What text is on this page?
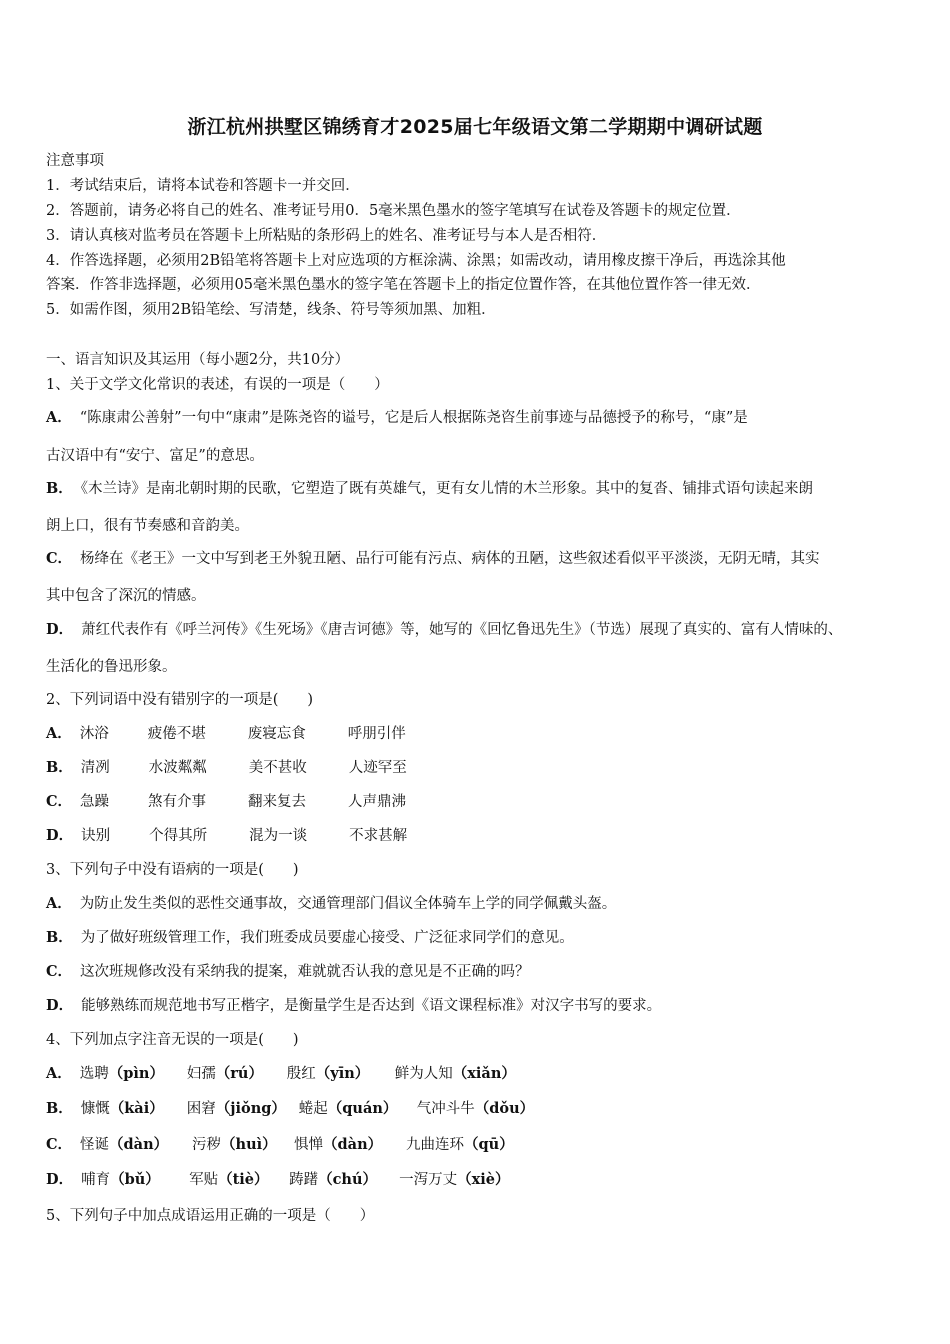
浙江杭州拱墅区锦绣育才2025届七年级语文第二学期期中调研试题
注意事项
1．考试结束后，请将本试卷和答题卡一并交回．
2．答题前，请务必将自己的姓名、准考证号用0．5毫米黑色墨水的签字笔填写在试卷及答题卡的规定位置．
3．请认真核对监考员在答题卡上所粘贴的条形码上的姓名、准考证号与本人是否相符．
4．作答选择题，必须用2B铅笔将答题卡上对应选项的方框涂满、涂黑；如需改动，请用橡皮擦干净后，再选涂其他
答案．作答非选择题，必须用05毫米黑色墨水的签字笔在答题卡上的指定位置作答，在其他位置作答一律无效．
5．如需作图，须用2B铅笔绘、写清楚，线条、符号等须加黑、加粗．
一、语言知识及其运用（每小题2分，共10分）
1、关于文学文化常识的表述，有误的一项是（　　）
A． “陈康肃公善射”一句中“康肃”是陈尧咨的谥号，它是后人根据陈尧咨生前事迹与品德授予的称号，“康”是
古汉语中有“安宁、富足”的意思。
B． 《木兰诗》是南北朝时期的民歌，它塑造了既有英雄气，更有女儿情的木兰形象。其中的复沓、铺排式语句读起来朗
朗上口，很有节奏感和音韵美。
C． 杨绛在《老王》一文中写到老王外貌丑陋、品行可能有污点、病体的丑陋，这些叙述看似平平淡淡，无阴无晴，其实
其中包含了深沉的情感。
D． 萧红代表作有《呼兰河传》《生死场》《唐吉诃德》等，她写的《回忆鲁迅先生》（节选）展现了真实的、富有人情味的、
生活化的鲁迅形象。
2、下列词语中没有错别字的一项是(　　)
A． 沐浴	疲倦不堪	废寝忘食	呼朋引伴
B． 清冽	水波粼粼	美不甚收	人迹罕至
C． 急躁	煞有介事	翻来复去	人声鼎沸
D． 诀别	个得其所	混为一谈	不求甚解
3、下列句子中没有语病的一项是(　　)
A． 为防止发生类似的恶性交通事故，交通管理部门倡议全体骑车上学的同学佩戴头盔。
B． 为了做好班级管理工作，我们班委成员要虚心接受、广泛征求同学们的意见。
C． 这次班规修改没有采纳我的提案，难就就否认我的意见是不正确的吗？
D． 能够熟练而规范地书写正楷字，是衡量学生是否达到《语文课程标准》对汉字书写的要求。
4、下列加点字注音无误的一项是(　　)
A． 选聘（pìn） 妇孺（rú） 殷红（yīn） 鲜为人知（xiǎn）
B． 慷慨（kài） 困窘（jiǒng） 蜷起（quán） 气冲斗牛（dǒu）
C． 怪诞（dàn） 污秽（huì） 惧惮（dàn） 九曲连环（qū）
D． 哺育（bǔ） 军贴（tiè） 踌躇（chú） 一泻万丈（xiè）
5、下列句子中加点成语运用正确的一项是（　　）
